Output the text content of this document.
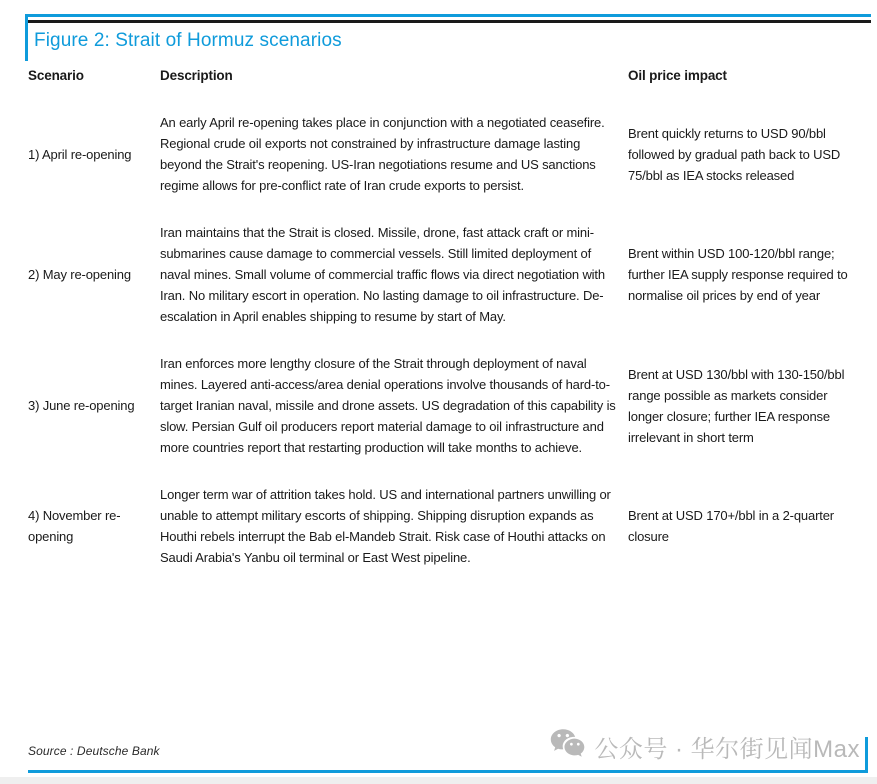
Figure 2: Strait of Hormuz scenarios
Scenario	Description	Oil price impact
1) April re-opening	An early April re-opening takes place in conjunction with a negotiated ceasefire. Regional crude oil exports not constrained by infrastructure damage lasting beyond the Strait's reopening. US-Iran negotiations resume and US sanctions regime allows for pre-conflict rate of Iran crude exports to persist.	Brent quickly returns to USD 90/bbl followed by gradual path back to USD 75/bbl as IEA stocks released
2) May re-opening	Iran maintains that the Strait is closed. Missile, drone, fast attack craft or mini-submarines cause damage to commercial vessels. Still limited deployment of naval mines. Small volume of commercial traffic flows via direct negotiation with Iran. No military escort in operation. No lasting damage to oil infrastructure. De-escalation in April enables shipping to resume by start of May.	Brent within USD 100-120/bbl range; further IEA supply response required to normalise oil prices by end of year
3) June re-opening	Iran enforces more lengthy closure of the Strait through deployment of naval mines. Layered anti-access/area denial operations involve thousands of hard-to-target Iranian naval, missile and drone assets. US degradation of this capability is slow. Persian Gulf oil producers report material damage to oil infrastructure and more countries report that restarting production will take months to achieve.	Brent at USD 130/bbl with 130-150/bbl range possible as markets consider longer closure; further IEA response irrelevant in short term
4) November re-opening	Longer term war of attrition takes hold. US and international partners unwilling or unable to attempt military escorts of shipping. Shipping disruption expands as Houthi rebels interrupt the Bab el-Mandeb Strait. Risk case of Houthi attacks on Saudi Arabia's Yanbu oil terminal or East West pipeline.	Brent at USD 170+/bbl in a 2-quarter closure
Source : Deutsche Bank	公众号 · 华尔街见闻Max
